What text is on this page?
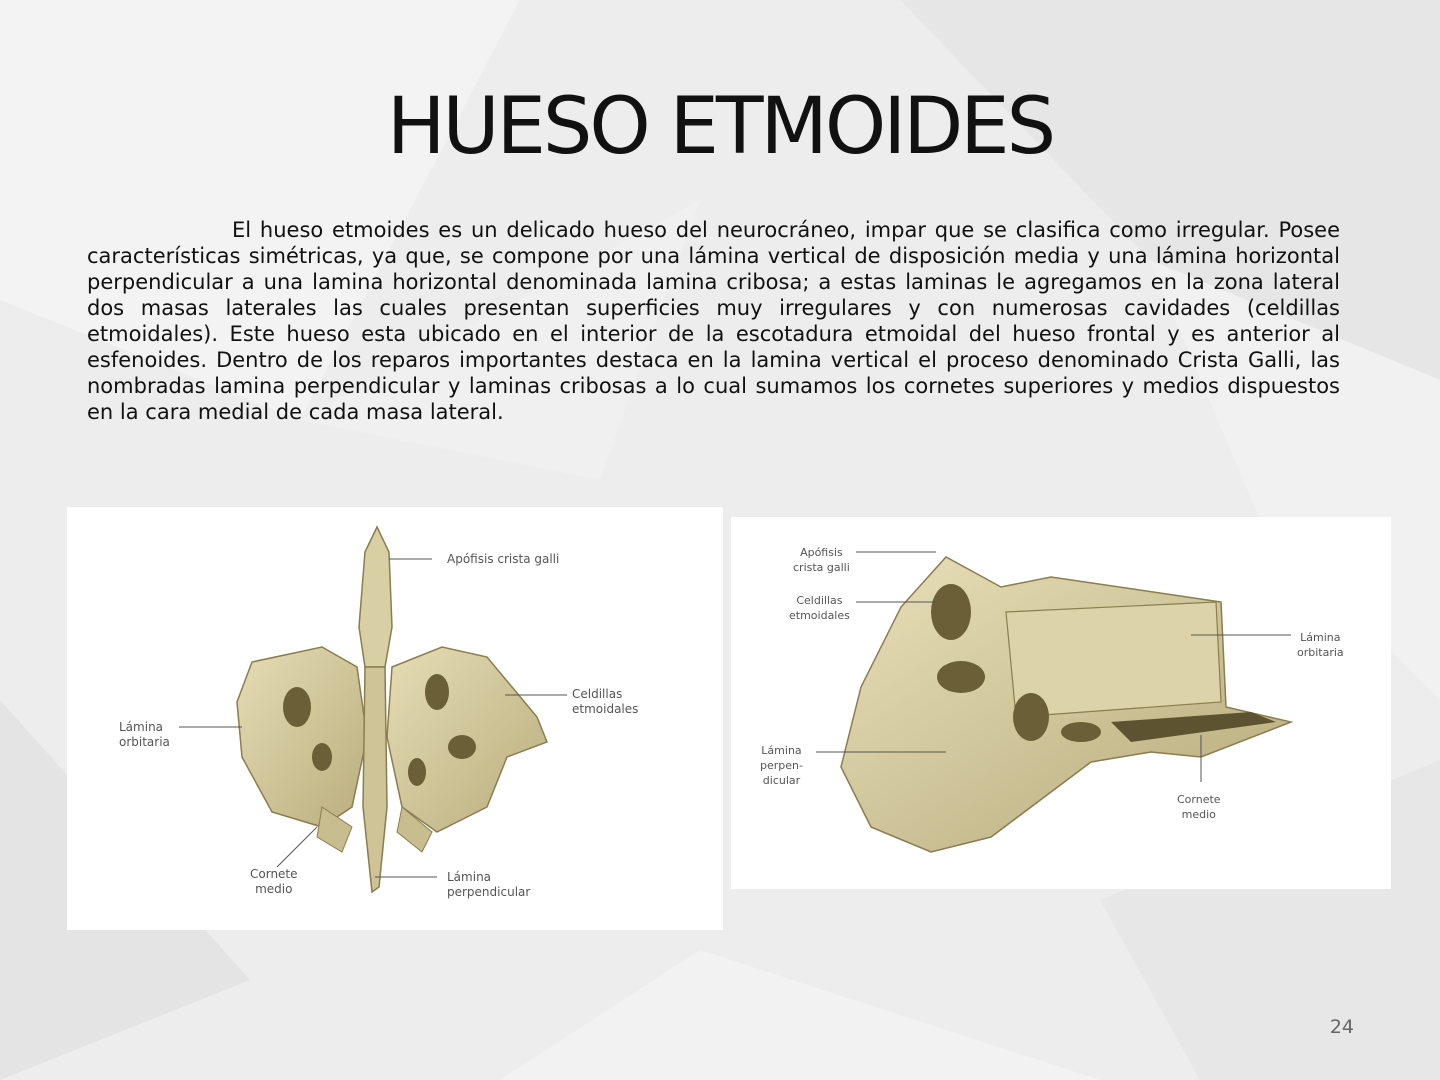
HUESO ETMOIDES
El hueso etmoides es un delicado hueso del neurocráneo, impar que se clasifica como irregular. Posee características simétricas, ya que, se compone por una lámina vertical de disposición media y una lámina horizontal perpendicular a una lamina horizontal denominada lamina cribosa; a estas laminas le agregamos en la zona lateral dos masas laterales las cuales presentan superficies muy irregulares y con numerosas cavidades (celdillas etmoidales). Este hueso esta ubicado en el interior de la escotadura etmoidal del hueso frontal y es anterior al esfenoides. Dentro de los reparos importantes destaca en la lamina vertical el proceso denominado Crista Galli, las nombradas lamina perpendicular y laminas cribosas a lo cual sumamos los cornetes superiores y medios dispuestos en la cara medial de cada masa lateral.
Apófisis crista galli
Celdillas
etmoidales
Lámina
orbitaria
Cornete
medio
Lámina
perpendicular
Apófisis
crista galli
Celdillas
etmoidales
Lámina
orbitaria
Lámina
perpen-
dicular
Cornete
medio
24
